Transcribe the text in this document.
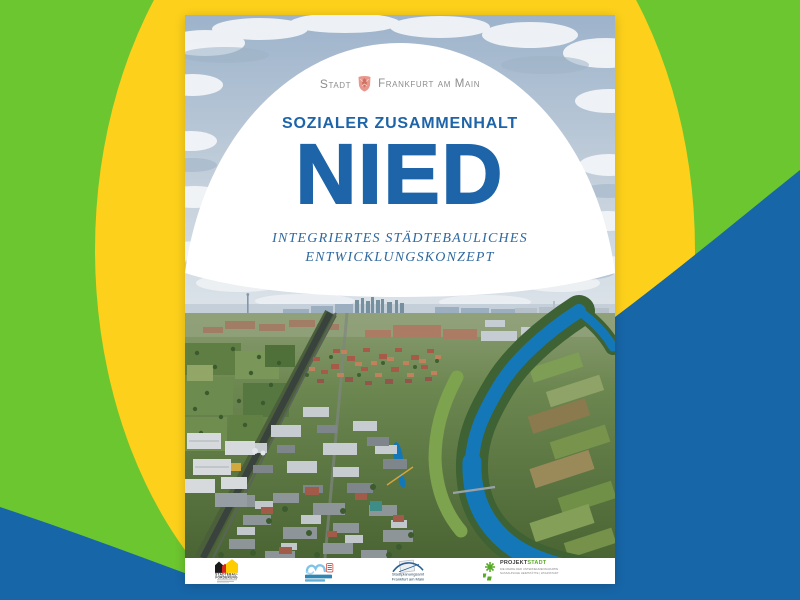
Stadt Frankfurt am Main
SOZIALER ZUSAMMENHALT
NIED
INTEGRIERTES STÄDTEBAULICHES
ENTWICKLUNGSKONZEPT
STÄDTEBAU-
FÖRDERUNG
Stadtplanungsamt
Frankfurt am Main
PROJEKTSTADT
DIE MARKE DER UNTERNEHMENSGRUPPE
NASSAUISCHE HEIMSTÄTTE | WOHNSTADT
